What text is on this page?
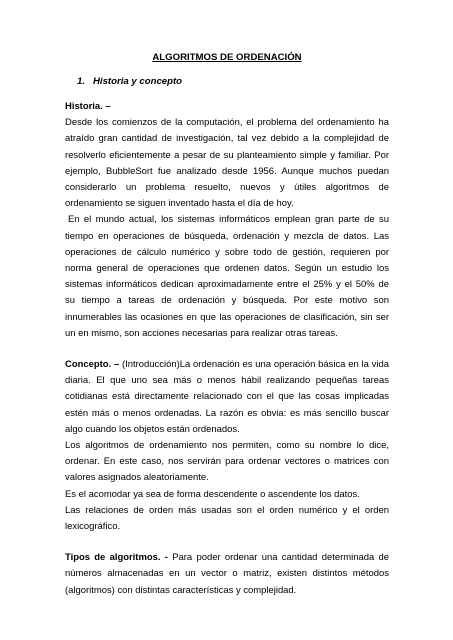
ALGORITMOS DE ORDENACIÓN
1. Historia y concepto

Historia. –

Desde los comienzos de la computación, el problema del ordenamiento ha atraído gran cantidad de investigación, tal vez debido a la complejidad de resolverlo eficientemente a pesar de su planteamiento simple y familiar. Por ejemplo, BubbleSort fue analizado desde 1956. Aunque muchos puedan considerarlo un problema resuelto, nuevos y útiles algoritmos de ordenamiento se siguen inventado hasta el día de hoy.

En el mundo actual, los sistemas informáticos emplean gran parte de su tiempo en operaciones de búsqueda, ordenación y mezcla de datos. Las operaciones de cálculo numérico y sobre todo de gestión, requieren por norma general de operaciones que ordenen datos. Según un estudio los sistemas informáticos dedican aproximadamente entre el 25% y el 50% de su tiempo a tareas de ordenación y búsqueda. Por este motivo son innumerables las ocasiones en que las operaciones de clasificación, sin ser un en mismo, son acciones necesarias para realizar otras tareas.

Concepto. – (Introducción)La ordenación es una operación básica en la vida diaria. El que uno sea más o menos hábil realizando pequeñas tareas cotidianas está directamente relacionado con el que las cosas implicadas estén más o menos ordenadas. La razón es obvia: es más sencillo buscar algo cuando los objetos están ordenados.

Los algoritmos de ordenamiento nos permiten, como su nombre lo dice, ordenar. En este caso, nos servirán para ordenar vectores o matrices con valores asignados aleatoriamente.

Es el acomodar ya sea de forma descendente o ascendente los datos.

Las relaciones de orden más usadas son el orden numérico y el orden lexicográfico.

Tipos de algoritmos. - Para poder ordenar una cantidad determinada de números almacenadas en un vector o matriz, existen distintos métodos (algoritmos) con distintas características y complejidad.
